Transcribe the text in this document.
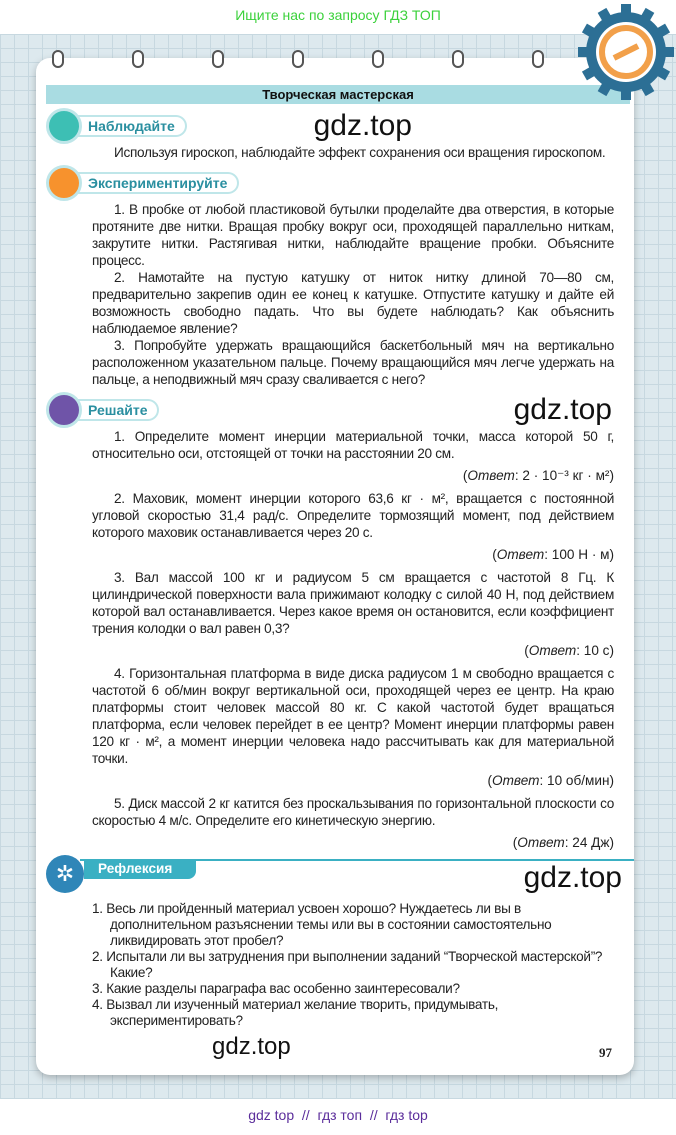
Ищите нас по запросу ГДЗ ТОП
Творческая мастерская
Наблюдайте	gdz.top
Используя гироскоп, наблюдайте эффект сохранения оси вращения гироскопом.
Экспериментируйте

1. В пробке от любой пластиковой бутылки проделайте два отверстия, в которые протяните две нитки. Вращая пробку вокруг оси, проходящей параллельно ниткам, закрутите нитки. Растягивая нитки, наблюдайте вращение пробки. Объясните процесс.

2. Намотайте на пустую катушку от ниток нитку длиной 70—80 см, предварительно закрепив один ее конец к катушке. Отпустите катушку и дайте ей возможность свободно падать. Что вы будете наблюдать? Как объяснить наблюдаемое явление?

3. Попробуйте удержать вращающийся баскетбольный мяч на вертикально расположенном указательном пальце. Почему вращающийся мяч легче удержать на пальце, а неподвижный мяч сразу сваливается с него?

Решайте	gdz.top
1. Определите момент инерции материальной точки, масса которой 50 г, относительно оси, отстоящей от точки на расстоянии 20 см.
(Ответ: 2 · 10⁻³ кг · м²)
2. Маховик, момент инерции которого 63,6 кг · м², вращается с постоянной угловой скоростью 31,4 рад/с. Определите тормозящий момент, под действием которого маховик останавливается через 20 с.
(Ответ: 100 Н · м)
3. Вал массой 100 кг и радиусом 5 см вращается с частотой 8 Гц. К цилиндрической поверхности вала прижимают колодку с силой 40 Н, под действием которой вал останавливается. Через какое время он остановится, если коэффициент трения колодки о вал равен 0,3?
(Ответ: 10 с)
4. Горизонтальная платформа в виде диска радиусом 1 м свободно вращается с частотой 6 об/мин вокруг вертикальной оси, проходящей через ее центр. На краю платформы стоит человек массой 80 кг. С какой частотой будет вращаться платформа, если человек перейдет в ее центр? Момент инерции платформы равен 120 кг · м², а момент инерции человека надо рассчитывать как для материальной точки.
(Ответ: 10 об/мин)
5. Диск массой 2 кг катится без проскальзывания по горизонтальной плоскости со скоростью 4 м/с. Определите его кинетическую энергию.
(Ответ: 24 Дж)
✲	Рефлексия	gdz.top
1. Весь ли пройденный материал усвоен хорошо? Нуждаетесь ли вы в дополнительном разъяснении темы или вы в состоянии самостоятельно ликвидировать этот пробел?
2. Испытали ли вы затруднения при выполнении заданий “Творческой мастерской”? Какие?
3. Какие разделы параграфа вас особенно заинтересовали?
4. Вызвал ли изученный материал желание творить, придумывать, экспериментировать?
gdz.top	97
gdz top  //  гдз топ  //  гдз top
